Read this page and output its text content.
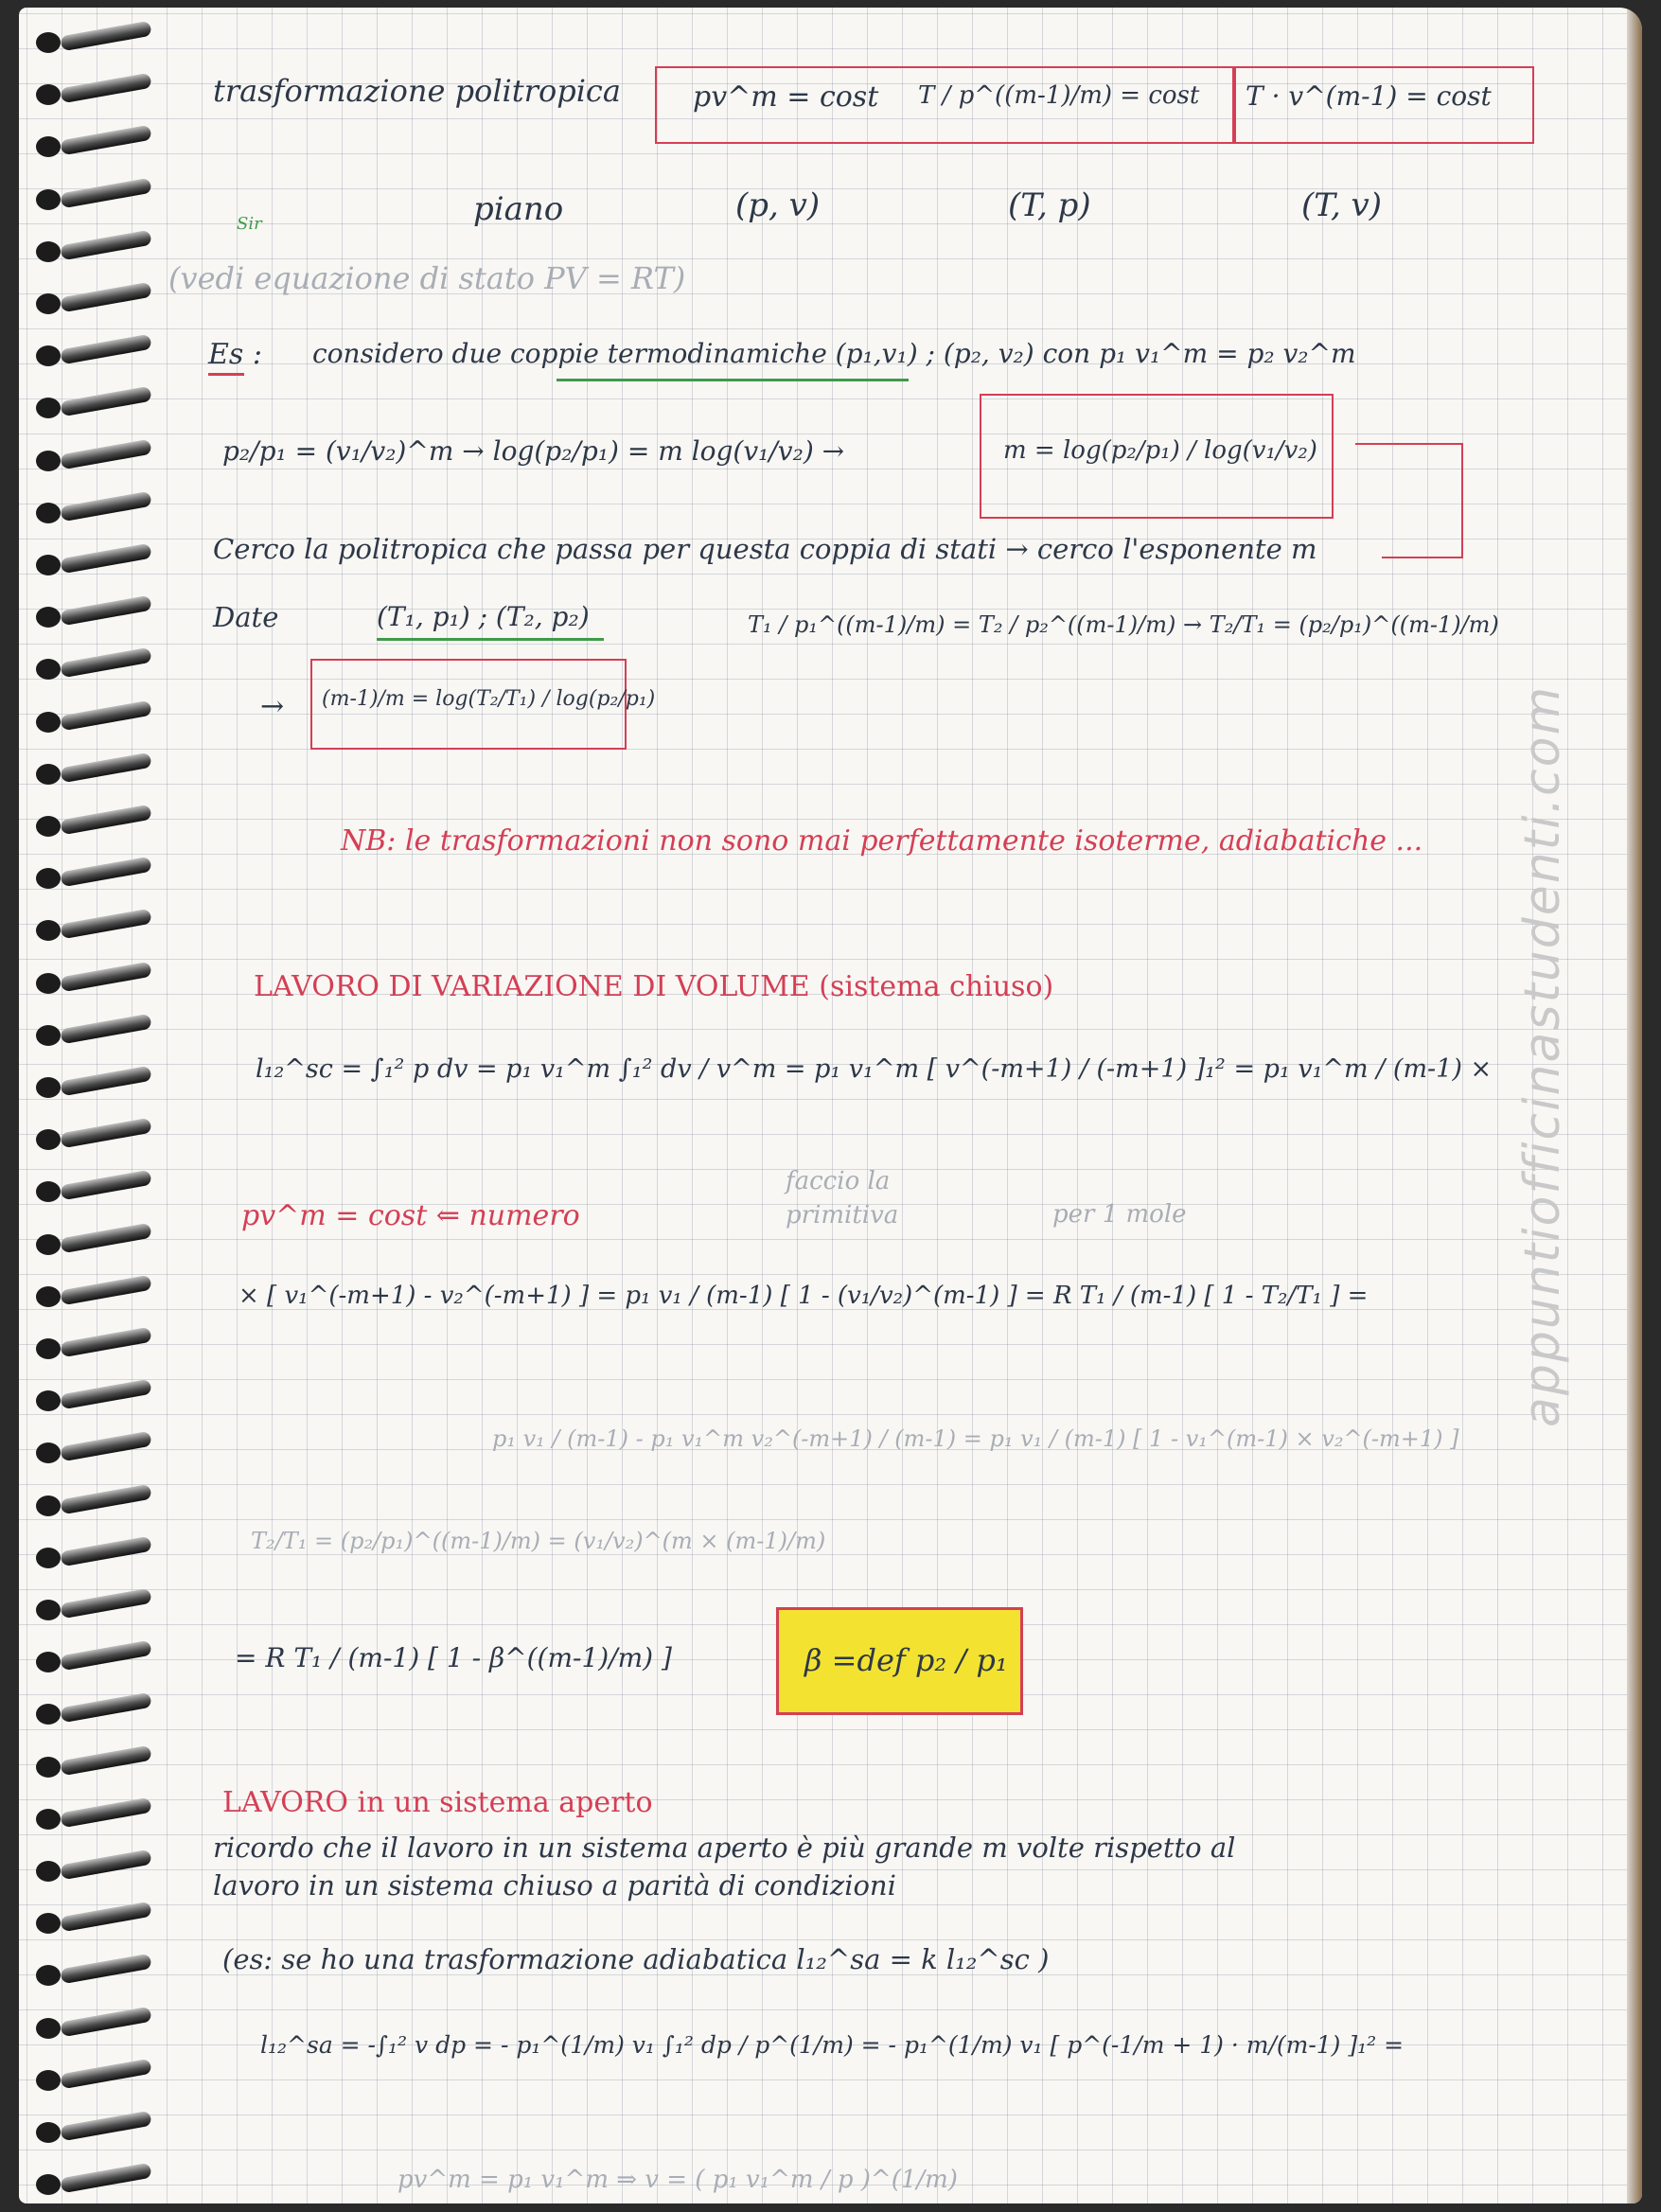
trasformazione politropica	pv^m = cost T / p^((m-1)/m) = cost T · v^(m-1) = cost
Sir	piano	(p, v)	(T, p)	(T, v)
(vedi equazione di stato PV = RT)
Es : considero due coppie termodinamiche (p₁,v₁) ; (p₂, v₂) con p₁ v₁^m = p₂ v₂^m
p₂/p₁ = (v₁/v₂)^m → log(p₂/p₁) = m log(v₁/v₂) →	m = log(p₂/p₁) / log(v₁/v₂)
Cerco la politropica che passa per questa coppia di stati → cerco l'esponente m
Date	(T₁, p₁) ; (T₂, p₂)	T₁ / p₁^((m-1)/m) = T₂ / p₂^((m-1)/m) → T₂/T₁ = (p₂/p₁)^((m-1)/m)
→ (m-1)/m = log(T₂/T₁) / log(p₂/p₁)
NB: le trasformazioni non sono mai perfettamente isoterme, adiabatiche ...
LAVORO DI VARIAZIONE DI VOLUME (sistema chiuso)
l₁₂^sc = ∫₁² p dv = p₁ v₁^m ∫₁² dv / v^m = p₁ v₁^m [ v^(-m+1) / (-m+1) ]₁² = p₁ v₁^m / (m-1) ×
pv^m = cost ⇐ numero
faccio la primitiva	per 1 mole
× [ v₁^(-m+1) - v₂^(-m+1) ] = p₁ v₁ / (m-1) [ 1 - (v₁/v₂)^(m-1) ] = R T₁ / (m-1) [ 1 - T₂/T₁ ] =
p₁ v₁ / (m-1) - p₁ v₁^m v₂^(-m+1) / (m-1) = p₁ v₁ / (m-1) [ 1 - v₁^(m-1) × v₂^(-m+1) ]
T₂/T₁ = (p₂/p₁)^((m-1)/m) = (v₁/v₂)^(m × (m-1)/m)
= R T₁ / (m-1) [ 1 - β^((m-1)/m) ]	β =def p₂ / p₁
LAVORO in un sistema aperto
ricordo che il lavoro in un sistema aperto è più grande m volte rispetto al
lavoro in un sistema chiuso a parità di condizioni
(es: se ho una trasformazione adiabatica l₁₂^sa = k l₁₂^sc )
l₁₂^sa = -∫₁² v dp = - p₁^(1/m) v₁ ∫₁² dp / p^(1/m) = - p₁^(1/m) v₁ [ p^(-1/m + 1) · m/(m-1) ]₁² =
pv^m = p₁ v₁^m ⇒ v = ( p₁ v₁^m / p )^(1/m)
appuntiofficinastudenti.com
